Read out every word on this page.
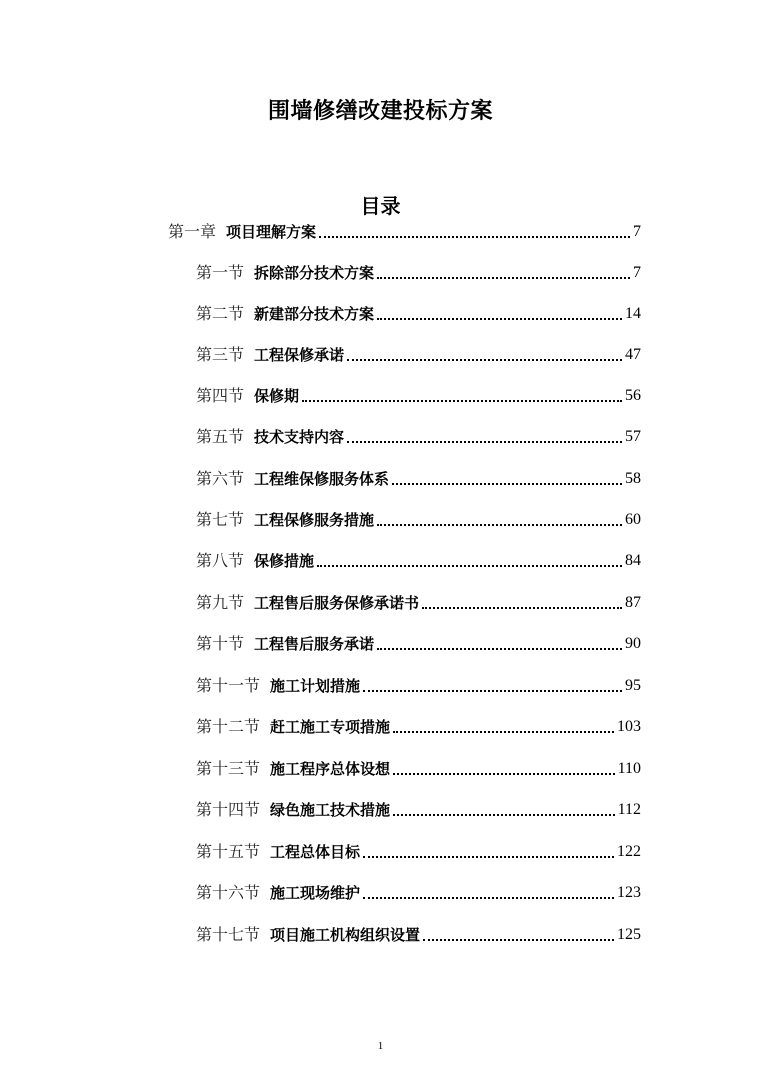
围墙修缮改建投标方案
目录
第一章 项目理解方案	7
第一节 拆除部分技术方案	7
第二节 新建部分技术方案	14
第三节 工程保修承诺	47
第四节 保修期	56
第五节 技术支持内容	57
第六节 工程维保修服务体系	58
第七节 工程保修服务措施	60
第八节 保修措施	84
第九节 工程售后服务保修承诺书	87
第十节 工程售后服务承诺	90
第十一节 施工计划措施	95
第十二节 赶工施工专项措施	103
第十三节 施工程序总体设想	110
第十四节 绿色施工技术措施	112
第十五节 工程总体目标	122
第十六节 施工现场维护	123
第十七节 项目施工机构组织设置	125
1
